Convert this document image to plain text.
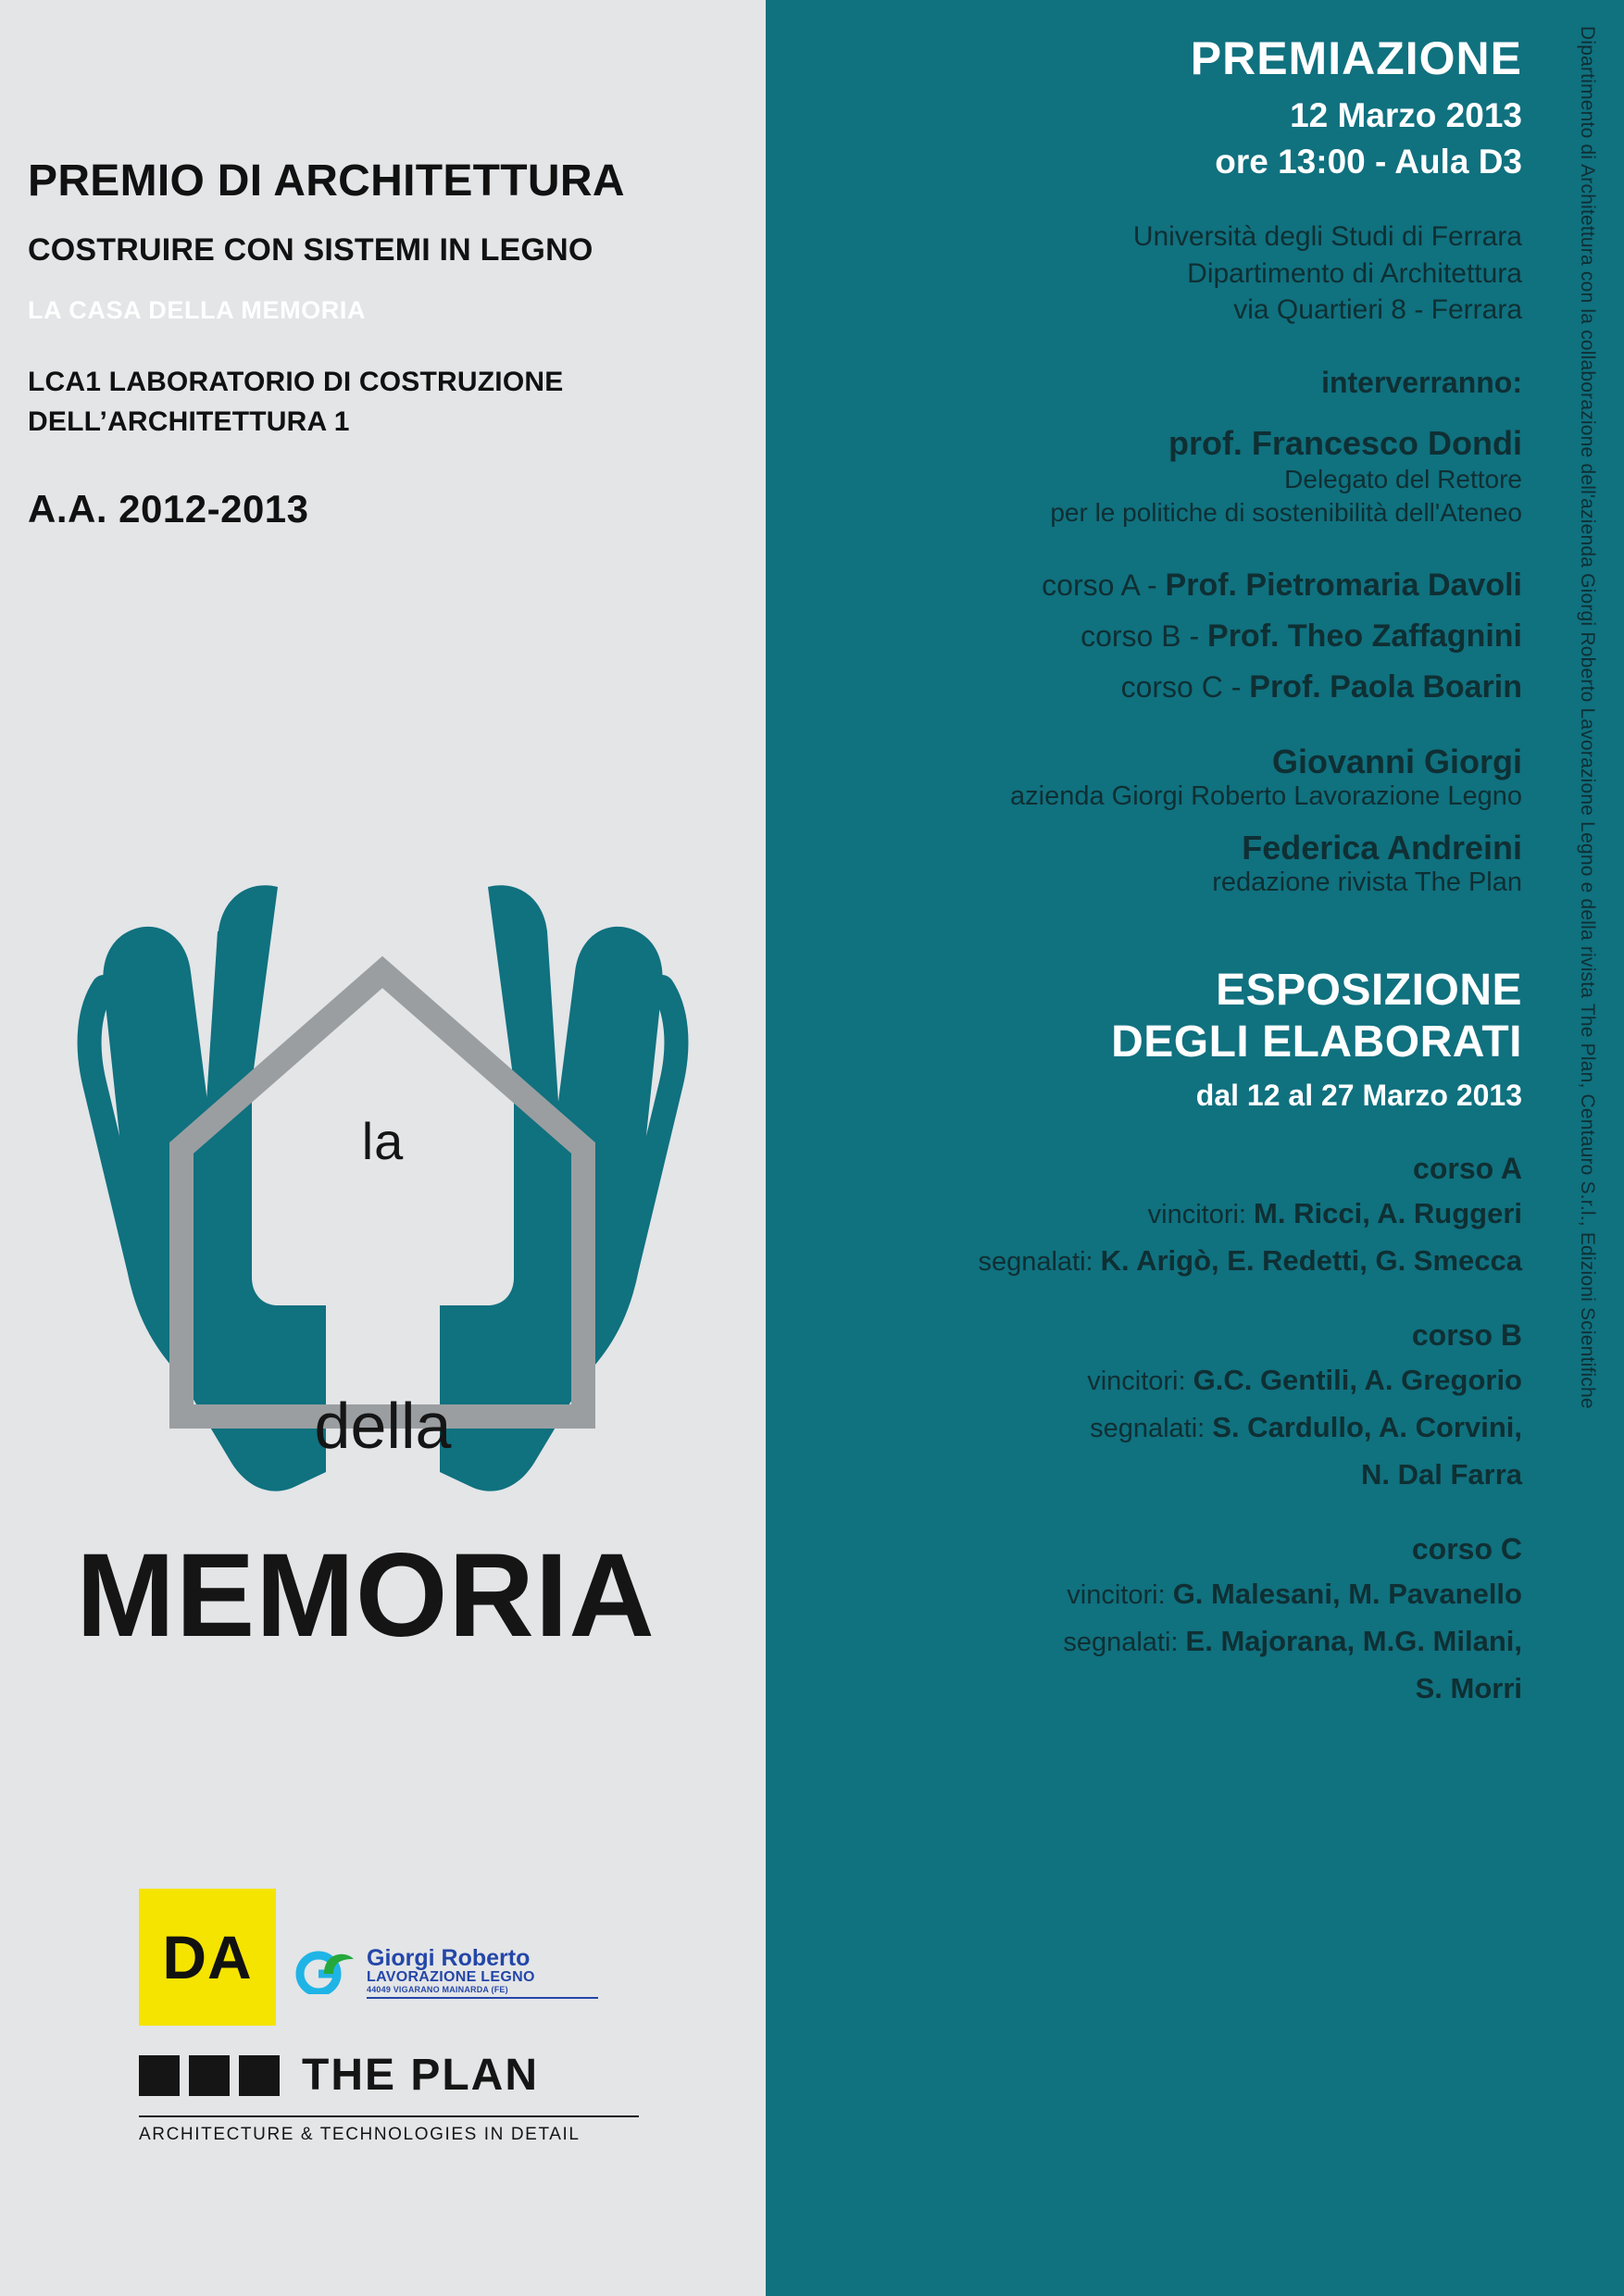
PREMIO DI ARCHITETTURA
COSTRUIRE CON SISTEMI IN LEGNO
LA CASA DELLA MEMORIA
LCA1 LABORATORIO DI COSTRUZIONE
DELL’ARCHITETTURA 1
A.A. 2012-2013
la
della
MEMORIA
DA	Giorgi Roberto
LAVORAZIONE LEGNO
44049 VIGARANO MAINARDA (FE)
THE PLAN
ARCHITECTURE & TECHNOLOGIES IN DETAIL
PREMIAZIONE
12 Marzo 2013
ore 13:00 - Aula D3
Università degli Studi di Ferrara
Dipartimento di Architettura
via Quartieri 8 - Ferrara
interverranno:
prof. Francesco Dondi
Delegato del Rettore
per le politiche di sostenibilità dell'Ateneo
corso A - Prof. Pietromaria Davoli
corso B - Prof. Theo Zaffagnini
corso C - Prof. Paola Boarin
Giovanni Giorgi
azienda Giorgi Roberto Lavorazione Legno
Federica Andreini
redazione rivista The Plan
ESPOSIZIONE
DEGLI ELABORATI
dal 12 al 27 Marzo 2013
corso A
vincitori: M. Ricci, A. Ruggeri
segnalati: K. Arigò, E. Redetti, G. Smecca
corso B
vincitori: G.C. Gentili, A. Gregorio
segnalati: S. Cardullo, A. Corvini,
N. Dal Farra
corso C
vincitori: G. Malesani, M. Pavanello
segnalati: E. Majorana, M.G. Milani,
S. Morri
Dipartimento di Architettura con la collaborazione dell'azienda Giorgi Roberto Lavorazione Legno e della rivista The Plan, Centauro S.r.l., Edizioni Scientifiche
